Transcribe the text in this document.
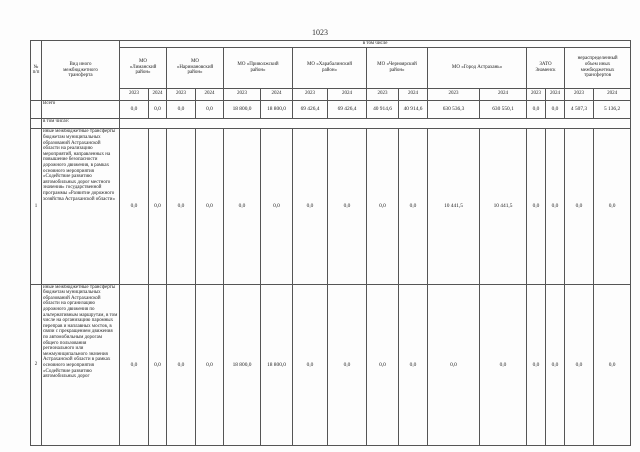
1023
№
п/п	Вид иного
межбюджетного
трансферта	в том числе															
		МО
«Лиманский
район»		МО
«Наримановский
район»		МО «Приволжский
район»		МО «Харабалинский
район»		МО «Черноярский
район»		МО «Город Астрахань»		ЗАТО
Знаменск		нераспределенный
объем иных
межбюджетных
трансфертов	
		2023	2024	2023	2024	2023	2024	2023	2024	2023	2024	2023	2024	2023	2024	2023	2024
	Всего	0,0	0,0	0,0	0,0	18 800,0	18 800,0	69 426,4	69 426,4	40 914,6	40 914,6	630 536,3	630 550,1	0,0	0,0	4 507,3	5 136,2
	в том числе:																
1	иные межбюджетные трансферты бюджетам муниципальных образований Астраханской области на реализацию мероприятий, направленных на повышение безопасности дорожного движения, в рамках основного мероприятия «Содействие развитию автомобильных дорог местного значения» государственной программы «Развитие дорожного хозяйства Астраханской области»	0,0	0,0	0,0	0,0	0,0	0,0	0,0	0,0	0,0	0,0	10 441,5	10 441,5	0,0	0,0	0,0	0,0
2	иные межбюджетные трансферты бюджетам муниципальных образований Астраханской области на организацию дорожного движения по альтернативным маршрутам, в том числе на организацию паромных переправ и наплавных мостов, в связи с прекращением движения по автомобильным дорогам общего пользования регионального или межмуниципального значения Астраханской области в рамках основного мероприятия «Содействие развитию автомобильных дорог	0,0	0,0	0,0	0,0	18 800,0	18 800,0	0,0	0,0	0,0	0,0	0,0	0,0	0,0	0,0	0,0	0,0
